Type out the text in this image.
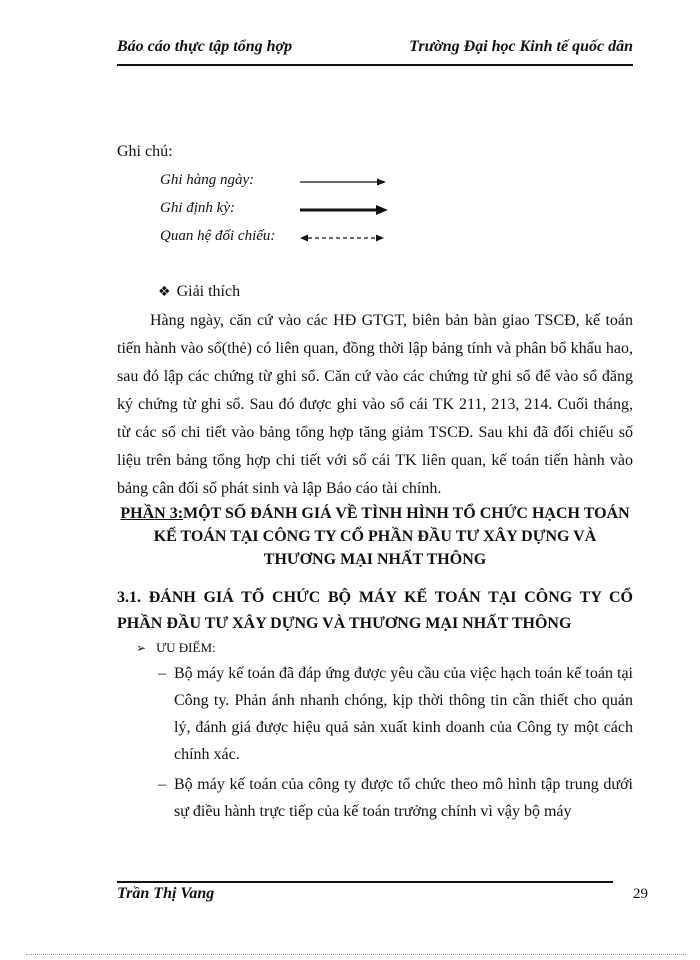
Báo cáo thực tập tổng hợp	Trường Đại học Kinh tế quốc dân
Ghi chú:
Ghi hàng ngày:
Ghi định kỳ:
Quan hệ đối chiếu:
❖ Giải thích

Hàng ngày, căn cứ vào các HĐ GTGT, biên bản bàn giao TSCĐ, kế toán tiến hành vào sổ(thẻ) có liên quan, đồng thời lập bảng tính và phân bổ khấu hao, sau đó lập các chứng từ ghi sổ. Căn cứ vào các chứng từ ghi sổ để vào sổ đăng ký chứng từ ghi sổ. Sau đó được ghi vào sổ cái TK 211, 213, 214. Cuối tháng, từ các sổ chi tiết vào bảng tổng hợp tăng giảm TSCĐ. Sau khi đã đối chiếu số liệu trên bảng tổng hợp chi tiết với sổ cái TK liên quan, kế toán tiến hành vào bảng cân đối số phát sinh và lập Báo cáo tài chính.

PHẦN 3:MỘT SỐ ĐÁNH GIÁ VỀ TÌNH HÌNH TỔ CHỨC HẠCH TOÁN KẾ TOÁN TẠI CÔNG TY CỔ PHẦN ĐẦU TƯ XÂY DỰNG VÀ THƯƠNG MẠI NHẤT THÔNG
3.1. ĐÁNH GIÁ TỔ CHỨC BỘ MÁY KẾ TOÁN TẠI CÔNG TY CỔ PHẦN ĐẦU TƯ XÂY DỰNG VÀ THƯƠNG MẠI NHẤT THÔNG
➢ ƯU ĐIỂM:
– Bộ máy kế toán đã đáp ứng được yêu cầu của việc hạch toán kế toán tại Công ty. Phản ánh nhanh chóng, kịp thời thông tin cần thiết cho quản lý, đánh giá được hiệu quả sản xuất kinh doanh của Công ty một cách chính xác.
– Bộ máy kế toán của công ty được tổ chức theo mô hình tập trung dưới sự điều hành trực tiếp của kế toán trưởng chính vì vậy bộ máy
Trần Thị Vang	29
